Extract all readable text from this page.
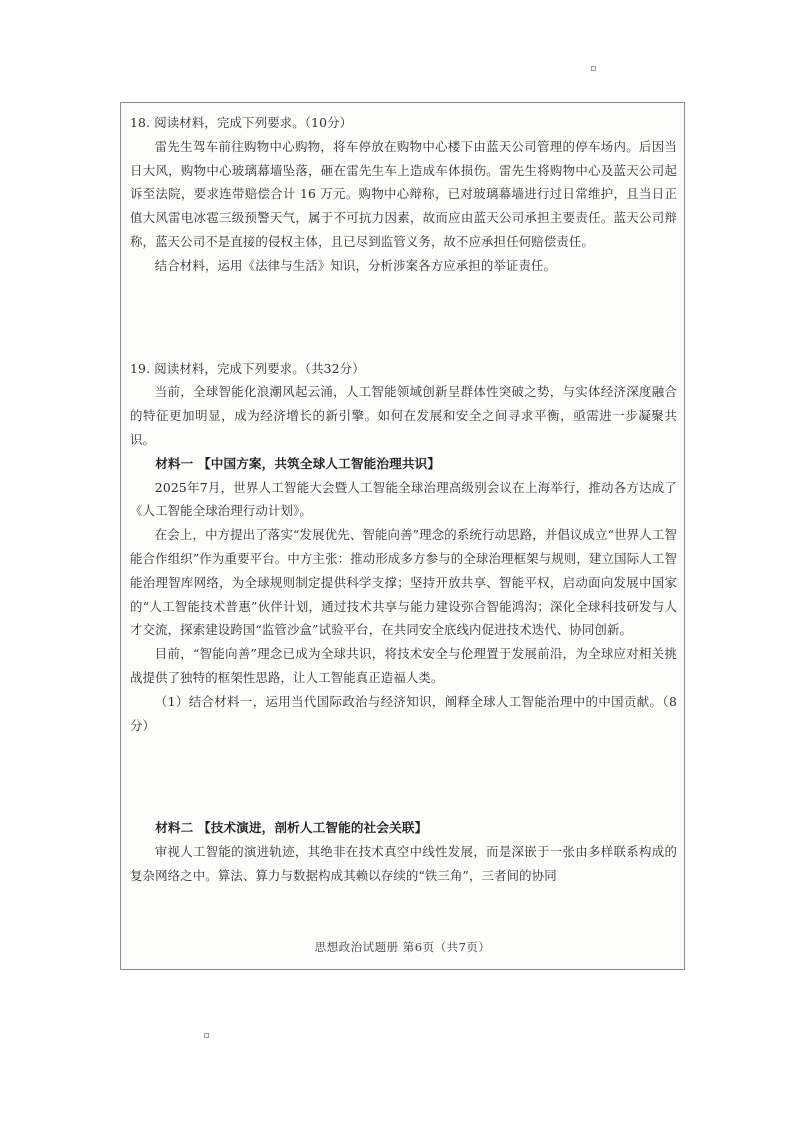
18. 阅读材料，完成下列要求。（10分）

雷先生驾车前往购物中心购物，将车停放在购物中心楼下由蓝天公司管理的停车场内。后因当日大风，购物中心玻璃幕墙坠落，砸在雷先生车上造成车体损伤。雷先生将购物中心及蓝天公司起诉至法院，要求连带赔偿合计 16 万元。购物中心辩称，已对玻璃幕墙进行过日常维护，且当日正值大风雷电冰雹三级预警天气，属于不可抗力因素，故而应由蓝天公司承担主要责任。蓝天公司辩称，蓝天公司不是直接的侵权主体，且已尽到监管义务，故不应承担任何赔偿责任。

结合材料，运用《法律与生活》知识，分析涉案各方应承担的举证责任。

19. 阅读材料，完成下列要求。（共32分）

当前，全球智能化浪潮风起云涌，人工智能领域创新呈群体性突破之势，与实体经济深度融合的特征更加明显，成为经济增长的新引擎。如何在发展和安全之间寻求平衡，亟需进一步凝聚共识。

材料一 【中国方案，共筑全球人工智能治理共识】

2025年7月，世界人工智能大会暨人工智能全球治理高级别会议在上海举行，推动各方达成了《人工智能全球治理行动计划》。

在会上，中方提出了落实“发展优先、智能向善”理念的系统行动思路，并倡议成立“世界人工智能合作组织”作为重要平台。中方主张：推动形成多方参与的全球治理框架与规则，建立国际人工智能治理智库网络，为全球规则制定提供科学支撑；坚持开放共享、智能平权，启动面向发展中国家的“人工智能技术普惠”伙伴计划，通过技术共享与能力建设弥合智能鸿沟；深化全球科技研发与人才交流，探索建设跨国“监管沙盒”试验平台，在共同安全底线内促进技术迭代、协同创新。

目前，“智能向善”理念已成为全球共识，将技术安全与伦理置于发展前沿，为全球应对相关挑战提供了独特的框架性思路，让人工智能真正造福人类。

（1）结合材料一，运用当代国际政治与经济知识，阐释全球人工智能治理中的中国贡献。（8分）

材料二 【技术演进，剖析人工智能的社会关联】

审视人工智能的演进轨迹，其绝非在技术真空中线性发展，而是深嵌于一张由多样联系构成的复杂网络之中。算法、算力与数据构成其赖以存续的“铁三角”，三者间的协同

思想政治试题册 第6页（共7页）
